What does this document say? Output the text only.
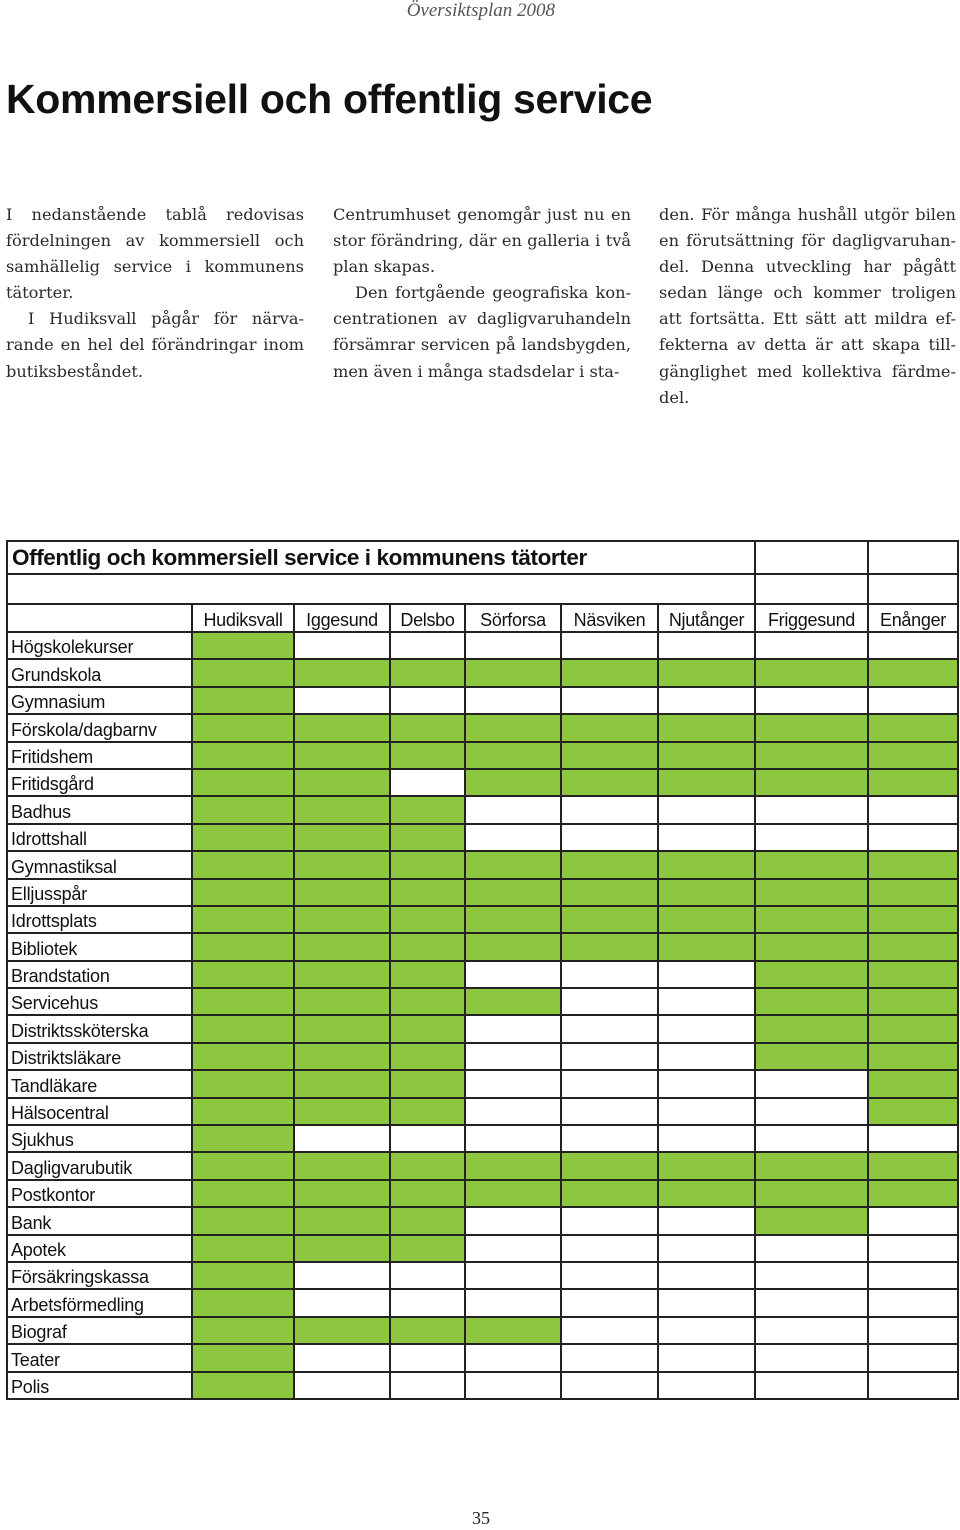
Översiktsplan 2008
Kommersiell och offentlig service

I nedanstående tablå redovisas fördelningen av kommersiell och samhällelig service i kommunens tätorter.

I Hudiksvall pågår för närva-rande en hel del förändringar inom butiksbeståndet.

Centrumhuset genomgår just nu en stor förändring, där en galleria i två plan skapas.

Den fortgående geografiska kon-centrationen av dagligvaruhandeln försämrar servicen på landsbygden, men även i många stadsdelar i sta-

den. För många hushåll utgör bilen en förutsättning för dagligvaruhan-del. Denna utveckling har pågått sedan länge och kommer troligen att fortsätta. Ett sätt att mildra ef-fekterna av detta är att skapa till-gänglighet med kollektiva färdme-del.

Offentlig och kommersiell service i kommunens tätorter								

	Hudiksvall	Iggesund	Delsbo	Sörforsa	Näsviken	Njutånger	Friggesund	Enånger
Högskolekurser								
Grundskola								
Gymnasium								
Förskola/dagbarnv								
Fritidshem								
Fritidsgård								
Badhus								
Idrottshall								
Gymnastiksal								
Elljusspår								
Idrottsplats								
Bibliotek								
Brandstation								
Servicehus								
Distriktssköterska								
Distriktsläkare								
Tandläkare								
Hälsocentral								
Sjukhus								
Dagligvarubutik								
Postkontor								
Bank								
Apotek								
Försäkringskassa								
Arbetsförmedling								
Biograf								
Teater								
Polis								
35
